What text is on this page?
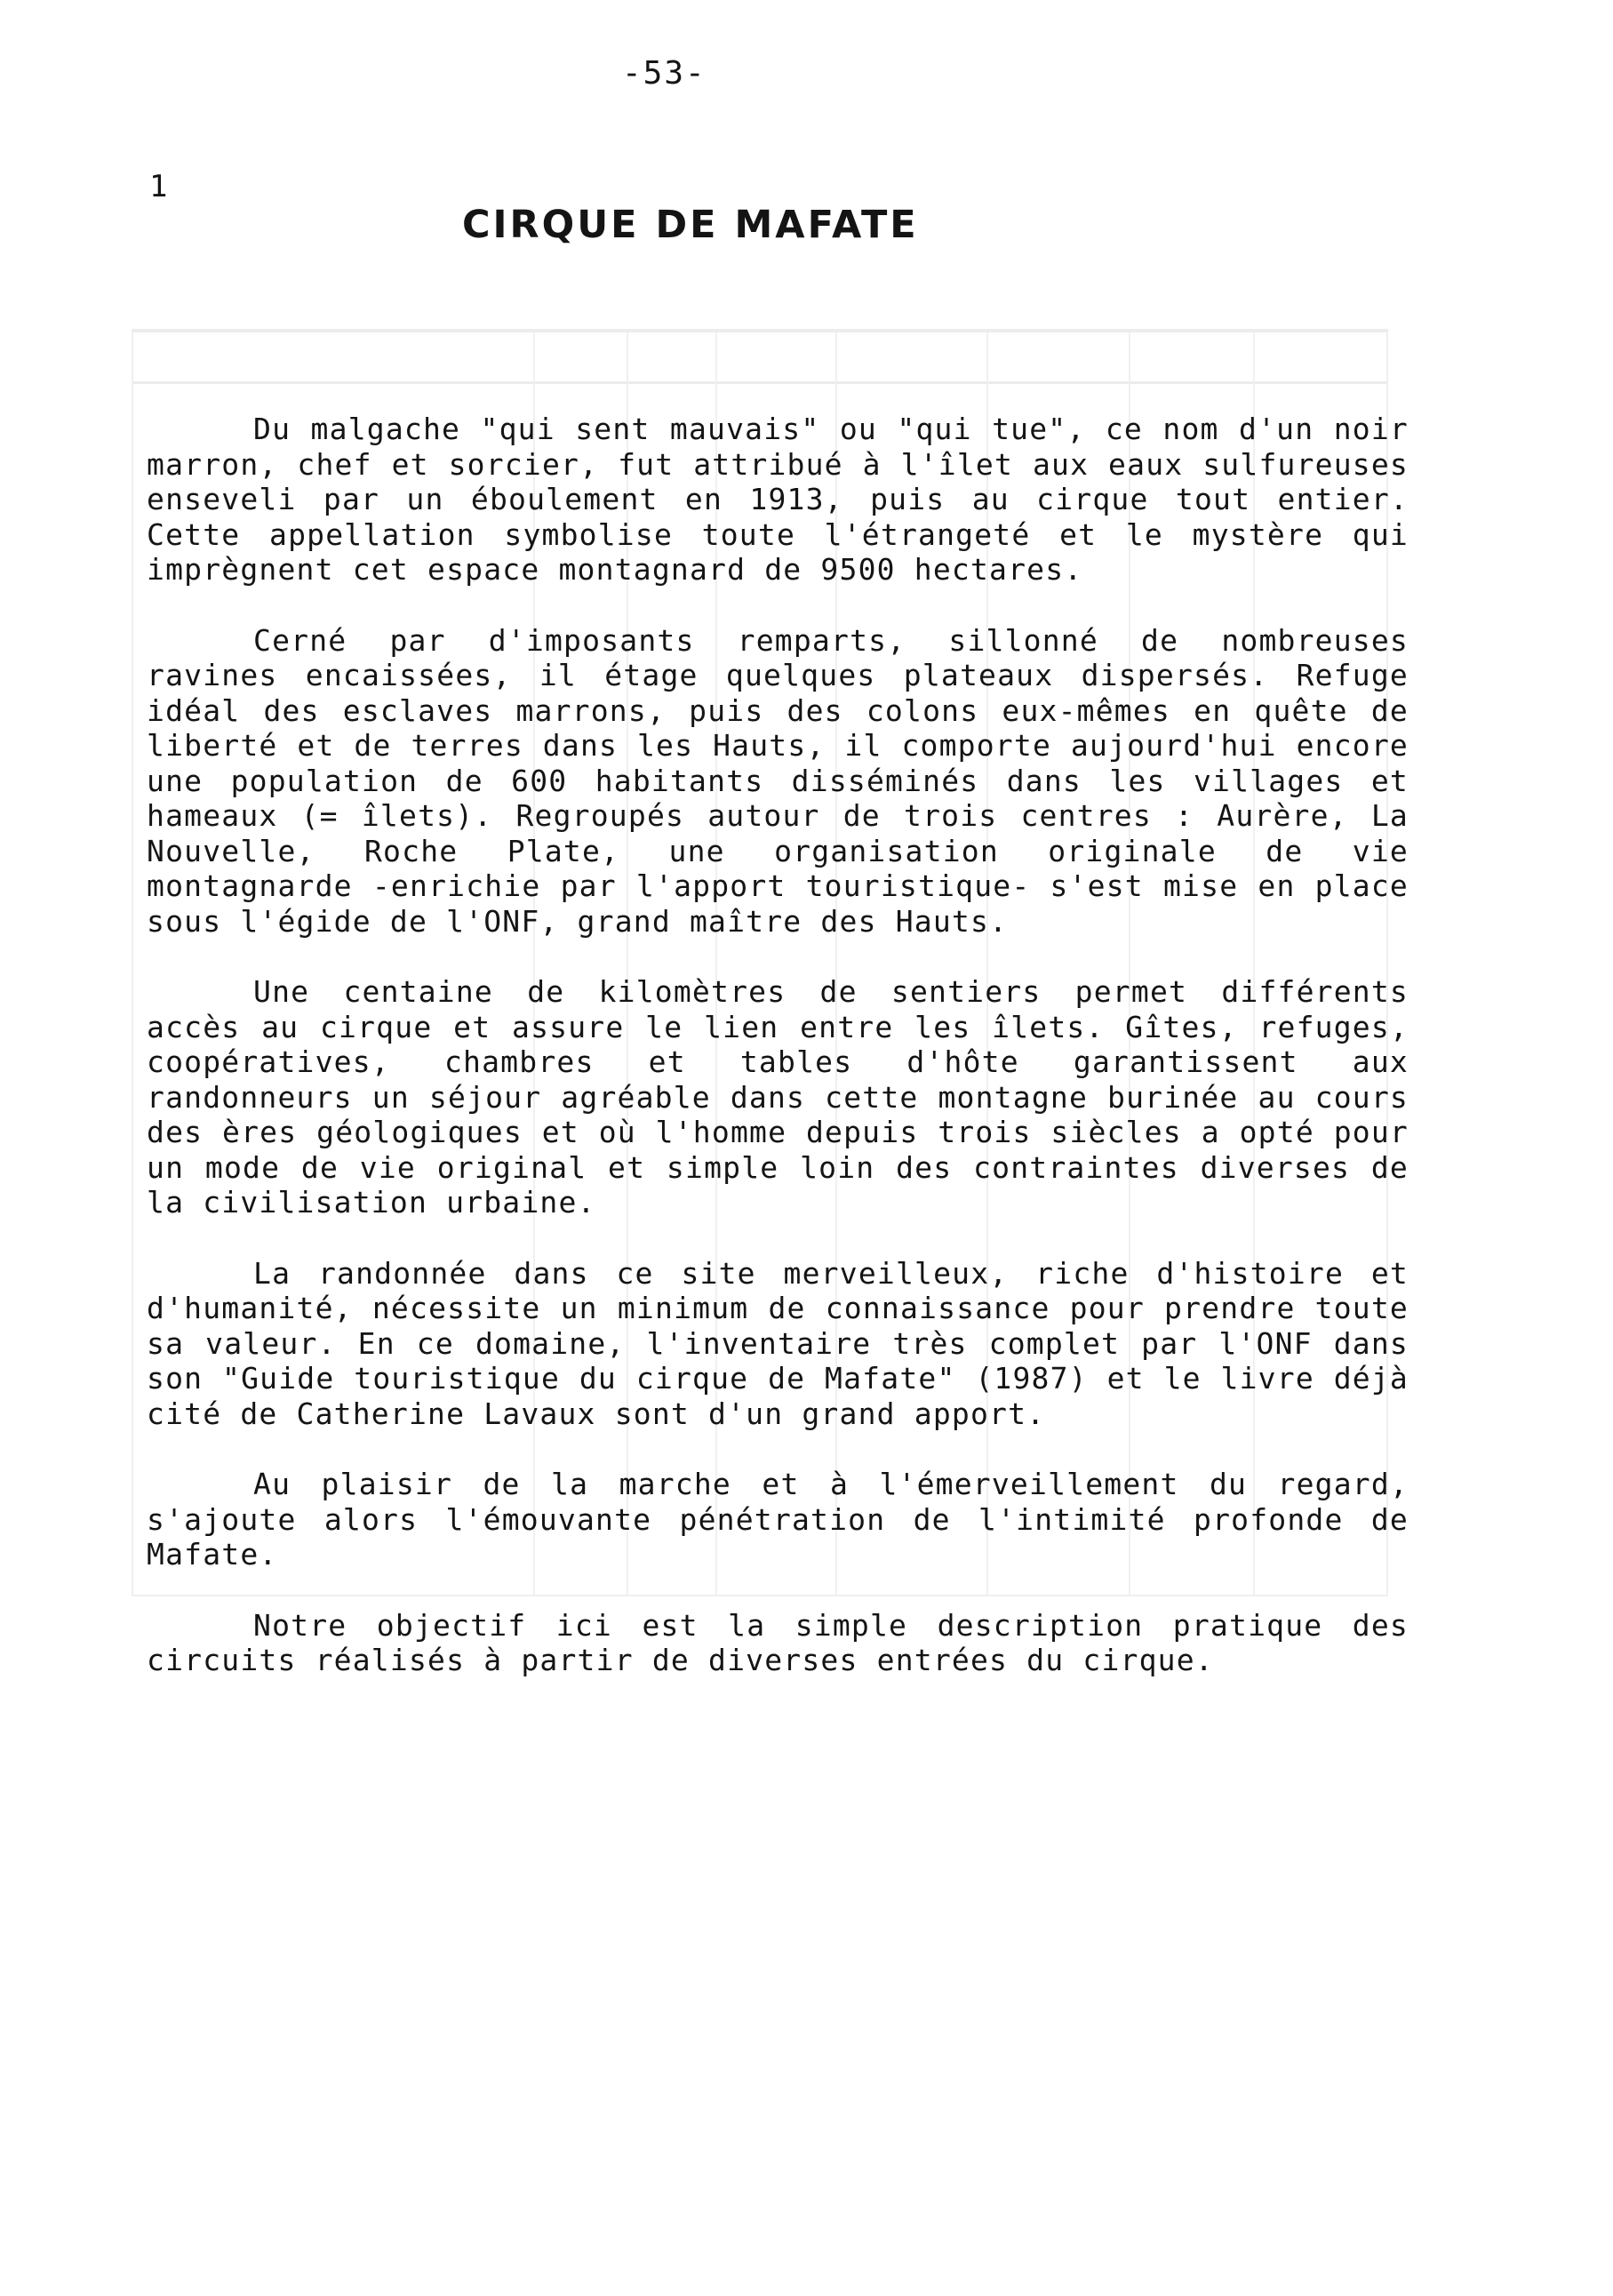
-53-
1
CIRQUE DE MAFATE

Du malgache "qui sent mauvais" ou "qui tue", ce nom d'un noir marron, chef et sorcier, fut attribué à l'îlet aux eaux sulfureuses enseveli par un éboulement en 1913, puis au cirque tout entier. Cette appellation symbolise toute l'étrangeté et le mystère qui imprègnent cet espace montagnard de 9500 hectares.

Cerné par d'imposants remparts, sillonné de nombreuses ravines encaissées, il étage quelques plateaux dispersés. Refuge idéal des esclaves marrons, puis des colons eux-mêmes en quête de liberté et de terres dans les Hauts, il comporte aujourd'hui encore une population de 600 habitants disséminés dans les villages et hameaux (= îlets). Regroupés autour de trois centres : Aurère, La Nouvelle, Roche Plate, une organisation originale de vie montagnarde -enrichie par l'apport touristique- s'est mise en place sous l'égide de l'ONF, grand maître des Hauts.

Une centaine de kilomètres de sentiers permet différents accès au cirque et assure le lien entre les îlets. Gîtes, refuges, coopératives, chambres et tables d'hôte garantissent aux randonneurs un séjour agréable dans cette montagne burinée au cours des ères géologiques et où l'homme depuis trois siècles a opté pour un mode de vie original et simple loin des contraintes diverses de la civilisation urbaine.

La randonnée dans ce site merveilleux, riche d'histoire et d'humanité, nécessite un minimum de connaissance pour prendre toute sa valeur. En ce domaine, l'inventaire très complet par l'ONF dans son "Guide touristique du cirque de Mafate" (1987) et le livre déjà cité de Catherine Lavaux sont d'un grand apport.

Au plaisir de la marche et à l'émerveillement du regard, s'ajoute alors l'émouvante pénétration de l'intimité profonde de Mafate.

Notre objectif ici est la simple description pratique des circuits réalisés à partir de diverses entrées du cirque.
